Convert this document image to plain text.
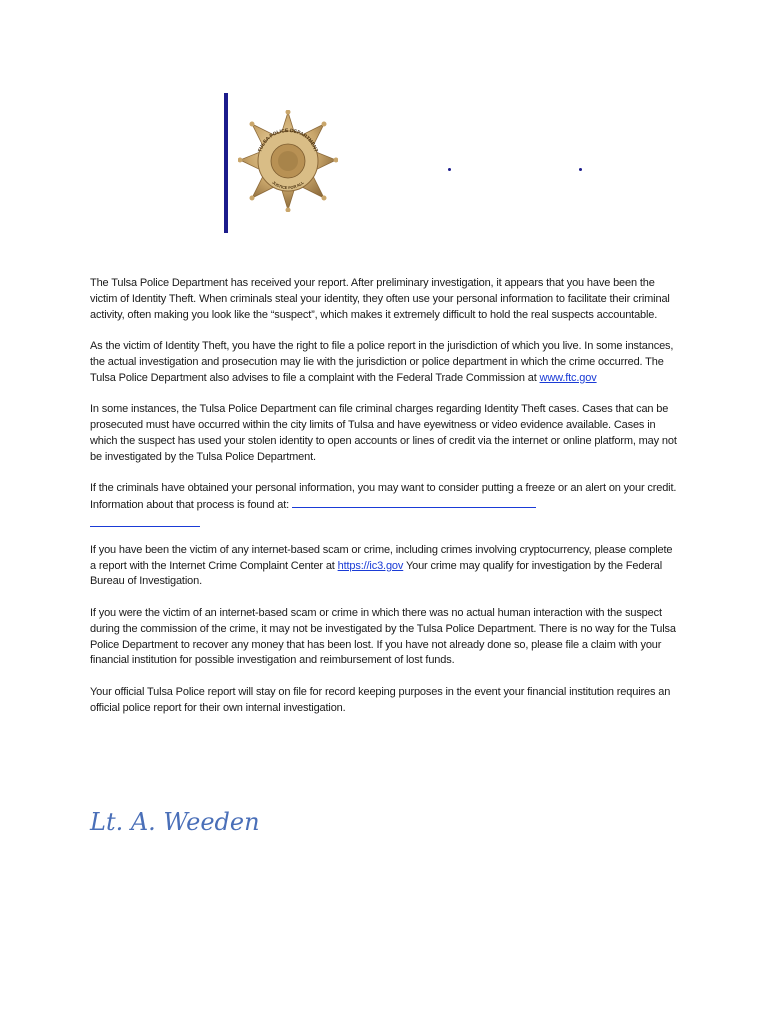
TULSA POLICE DEPARTMENT
JUSTICE FOR ALL

The Tulsa Police Department has received your report. After preliminary investigation, it appears that you have been the victim of Identity Theft. When criminals steal your identity, they often use your personal information to facilitate their criminal activity, often making you look like the “suspect”, which makes it extremely difficult to hold the real suspects accountable.

As the victim of Identity Theft, you have the right to file a police report in the jurisdiction of which you live. In some instances, the actual investigation and prosecution may lie with the jurisdiction or police department in which the crime occurred. The Tulsa Police Department also advises to file a complaint with the Federal Trade Commission at www.ftc.gov

In some instances, the Tulsa Police Department can file criminal charges regarding Identity Theft cases. Cases that can be prosecuted must have occurred within the city limits of Tulsa and have eyewitness or video evidence available. Cases in which the suspect has used your stolen identity to open accounts or lines of credit via the internet or online platform, may not be investigated by the Tulsa Police Department.

If the criminals have obtained your personal information, you may want to consider putting a freeze or an alert on your credit. Information about that process is found at:

If you have been the victim of any internet-based scam or crime, including crimes involving cryptocurrency, please complete a report with the Internet Crime Complaint Center at https://ic3.gov Your crime may qualify for investigation by the Federal Bureau of Investigation.

If you were the victim of an internet-based scam or crime in which there was no actual human interaction with the suspect during the commission of the crime, it may not be investigated by the Tulsa Police Department. There is no way for the Tulsa Police Department to recover any money that has been lost. If you have not already done so, please file a claim with your financial institution for possible investigation and reimbursement of lost funds.

Your official Tulsa Police report will stay on file for record keeping purposes in the event your financial institution requires an official police report for their own internal investigation.

Lt. A. Weeden
